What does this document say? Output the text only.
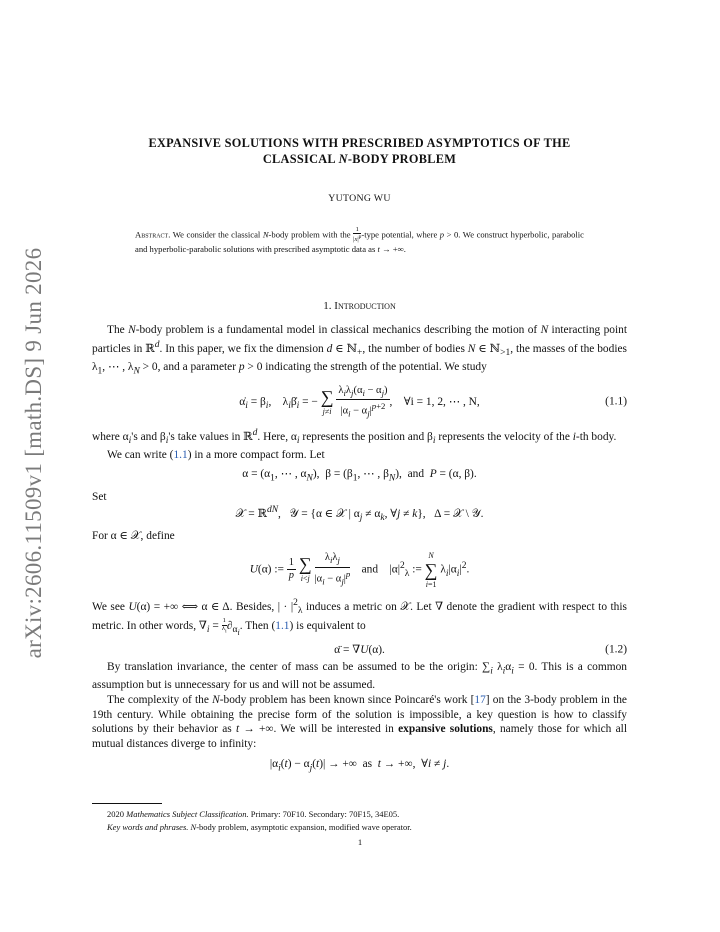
arXiv:2606.11509v1 [math.DS] 9 Jun 2026
EXPANSIVE SOLUTIONS WITH PRESCRIBED ASYMPTOTICS OF THE
CLASSICAL N-BODY PROBLEM
YUTONG WU
Abstract. We consider the classical N-body problem with the $\frac{1}{|x|^p}$ -type potential, where p > 0. We construct hyperbolic, parabolic and hyperbolic-parabolic solutions with prescribed asymptotic data as t → +∞.
1. Introduction

The N-body problem is a fundamental model in classical mechanics describing the motion of N interacting point particles in ℝ$^d$. In this paper, we fix the dimension d ∈ ℕ$_+$, the number of bodies N ∈ ℕ$_{>1}$, the masses of the bodies $\lambda_1$, ⋯ , $\lambda_N > 0$, and a parameter p > 0 indicating the strength of the potential. We study

$\alphȧ_i = \beta_i$,    $\lambda_i\betȧ_i$ = − ∑
j≠i

$\lambda_i\lambda_j(\alpha_i - \alpha_j)$
$|\alpha_i - \alpha_j|^{p+2}$ ,    ∀i = 1, 2, ⋯ , N,	(1.1)

where $\alpha_i's$ and $\beta_i's$ take values in ℝ$^d$. Here, $\alpha_i$ represents the position and $\beta_i$ represents the velocity of the i-th body.

We can write (1.1) in a more compact form. Let

$\alpha = (\alpha_1$, ⋯ , $\alpha_N$),  $\beta = (\beta_1$, ⋯ , $\beta_N$),  and  P = (α, β).

Set

𝒳 = ℝ$^{dN}$,   𝒴 = {α ∈ 𝒳 | $\alpha_j \ne \alpha_k$, ∀j ≠ k},   Δ = 𝒳 \ 𝒴.

For α ∈ 𝒳, define

U(α) := $\frac{1}{p}$
∑
i<j

$\lambda_i\lambda_j$
$|\alpha_i - \alpha_j|^p$ and    $|\alpha|^2_\lambda$ :=
N
∑
i=1
$\lambda_i|\alpha_i|^2$.

We see U(α) = +∞ ⟺ α ∈ Δ. Besides, | · $|^2_\lambda$ induces a metric on 𝒳. Let ∇ denote the gradient with respect to this metric. In other words, $\nabla_i = \frac{1}{\lambda_i} \partial_{\alpha_i}$. Then (1.1) is equivalent to

α̈ = ∇U(α).	(1.2)

By translation invariance, the center of mass can be assumed to be the origin: $\sum_i$ $\lambda_i\alpha_i = 0$. This is a common assumption but is unnecessary for us and will not be assumed.

The complexity of the N-body problem has been known since Poincaré's work [17] on the 3-body problem in the 19th century. While obtaining the precise form of the solution is impossible, a key question is how to classify solutions by their behavior as t → +∞. We will be interested in expansive solutions, namely those for which all mutual distances diverge to infinity:

$|\alpha_i(t) - \alpha_j(t)|$ → +∞  as  t → +∞,  ∀i ≠ j.

2020 Mathematics Subject Classification. Primary: 70F10. Secondary: 70F15, 34E05.

Key words and phrases. N-body problem, asymptotic expansion, modified wave operator.

1
